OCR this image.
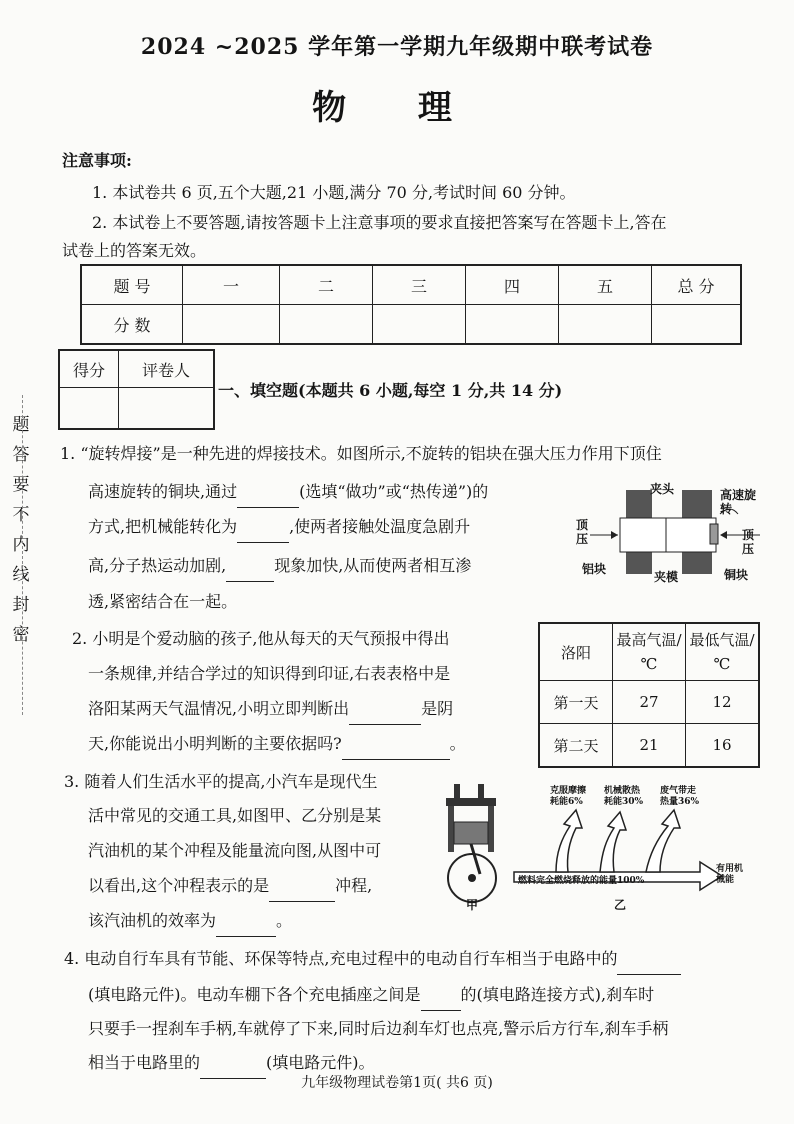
2024 ~2025 学年第一学期九年级期中联考试卷
物 理
注意事项:
1. 本试卷共 6 页,五个大题,21 小题,满分 70 分,考试时间 60 分钟。
2. 本试卷上不要答题,请按答题卡上注意事项的要求直接把答案写在答题卡上,答在
试卷上的答案无效。
题 号	一	二	三	四	五	总 分
分 数						
得分	评卷人

一、填空题(本题共 6 小题,每空 1 分,共 14 分)
题
答
要
不
内
线
封
密
1. “旋转焊接”是一种先进的焊接技术。如图所示,不旋转的铝块在强大压力作用下顶住
高速旋转的铜块,通过	(选填“做功”或“热传递”)的
方式,把机械能转化为	,使两者接触处温度急剧升
高,分子热运动加剧,	现象加快,从而使两者相互渗
透,紧密结合在一起。
夹头	高速旋转
顶压	顶压
铝块
夹模	铜块
2. 小明是个爱动脑的孩子,他从每天的天气预报中得出
一条规律,并结合学过的知识得到印证,右表表格中是
洛阳某两天气温情况,小明立即判断出	是阴
天,你能说出小明判断的主要依据吗?	。
洛阳	最高气温/℃	最低气温/℃
第一天	27	12
第二天	21	16
3. 随着人们生活水平的提高,小汽车是现代生
活中常见的交通工具,如图甲、乙分别是某
汽油机的某个冲程及能量流向图,从图中可
以看出,这个冲程表示的是	冲程,
该汽油机的效率为	。
甲
克服摩擦耗能6%
机械散热耗能30%
废气带走热量36%
燃料完全燃烧释放的能量100%
有用机械能
乙
4. 电动自行车具有节能、环保等特点,充电过程中的电动自行车相当于电路中的
(填电路元件)。电动车棚下各个充电插座之间是	的(填电路连接方式),刹车时
只要手一捏刹车手柄,车就停了下来,同时后边刹车灯也点亮,警示后方行车,刹车手柄
相当于电路里的	(填电路元件)。
九年级物理试卷第1页( 共6 页)
